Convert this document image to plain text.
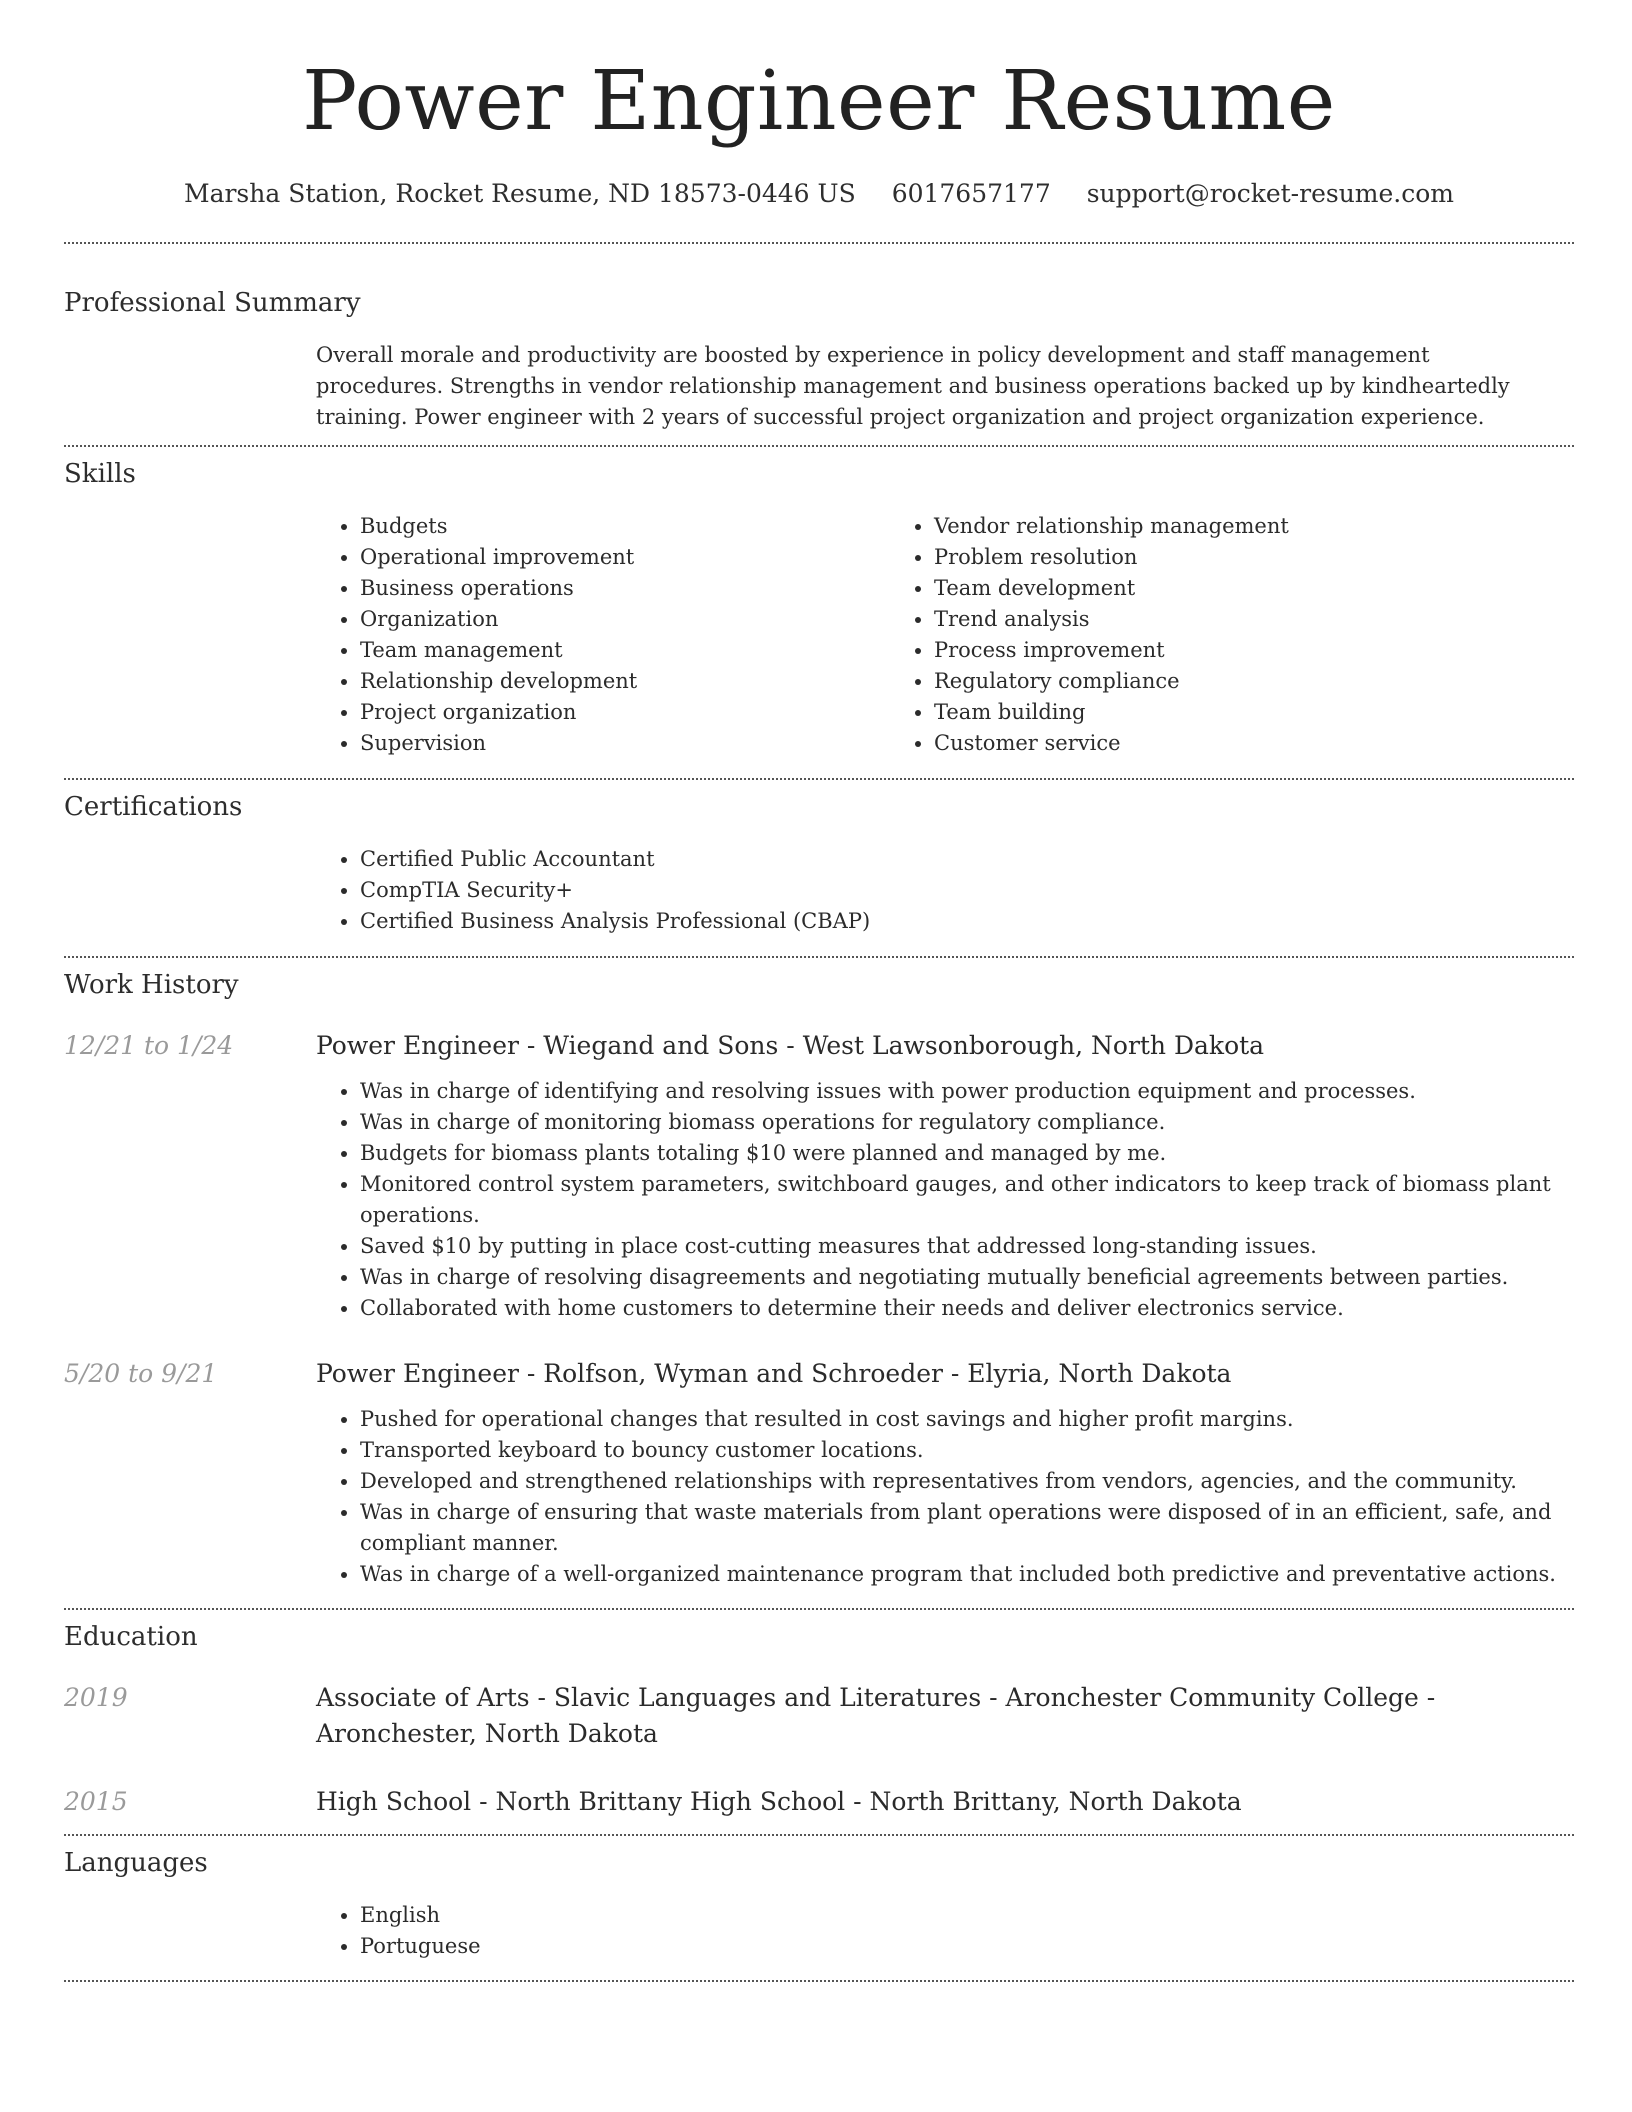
Power Engineer Resume
Marsha Station, Rocket Resume, ND 18573-0446 US 6017657177 support@rocket-resume.com
Professional Summary

Overall morale and productivity are boosted by experience in policy development and staff management procedures. Strengths in vendor relationship management and business operations backed up by kindheartedly training. Power engineer with 2 years of successful project organization and project organization experience.

Skills
• Budgets
• Operational improvement
• Business operations
• Organization
• Team management
• Relationship development
• Project organization
• Supervision
• Vendor relationship management
• Problem resolution
• Team development
• Trend analysis
• Process improvement
• Regulatory compliance
• Team building
• Customer service
Certifications
• Certified Public Accountant
• CompTIA Security+
• Certified Business Analysis Professional (CBAP)
Work History
12/21 to 1/24	Power Engineer - Wiegand and Sons - West Lawsonborough, North Dakota
• Was in charge of identifying and resolving issues with power production equipment and processes.
• Was in charge of monitoring biomass operations for regulatory compliance.
• Budgets for biomass plants totaling $10 were planned and managed by me.
• Monitored control system parameters, switchboard gauges, and other indicators to keep track of biomass plant operations.
• Saved $10 by putting in place cost-cutting measures that addressed long-standing issues.
• Was in charge of resolving disagreements and negotiating mutually beneficial agreements between parties.
• Collaborated with home customers to determine their needs and deliver electronics service.
5/20 to 9/21	Power Engineer - Rolfson, Wyman and Schroeder - Elyria, North Dakota
• Pushed for operational changes that resulted in cost savings and higher profit margins.
• Transported keyboard to bouncy customer locations.
• Developed and strengthened relationships with representatives from vendors, agencies, and the community.
• Was in charge of ensuring that waste materials from plant operations were disposed of in an efficient, safe, and compliant manner.
• Was in charge of a well-organized maintenance program that included both predictive and preventative actions.
Education
2019	Associate of Arts - Slavic Languages and Literatures - Aronchester Community College - Aronchester, North Dakota
2015	High School - North Brittany High School - North Brittany, North Dakota
Languages
• English
• Portuguese
